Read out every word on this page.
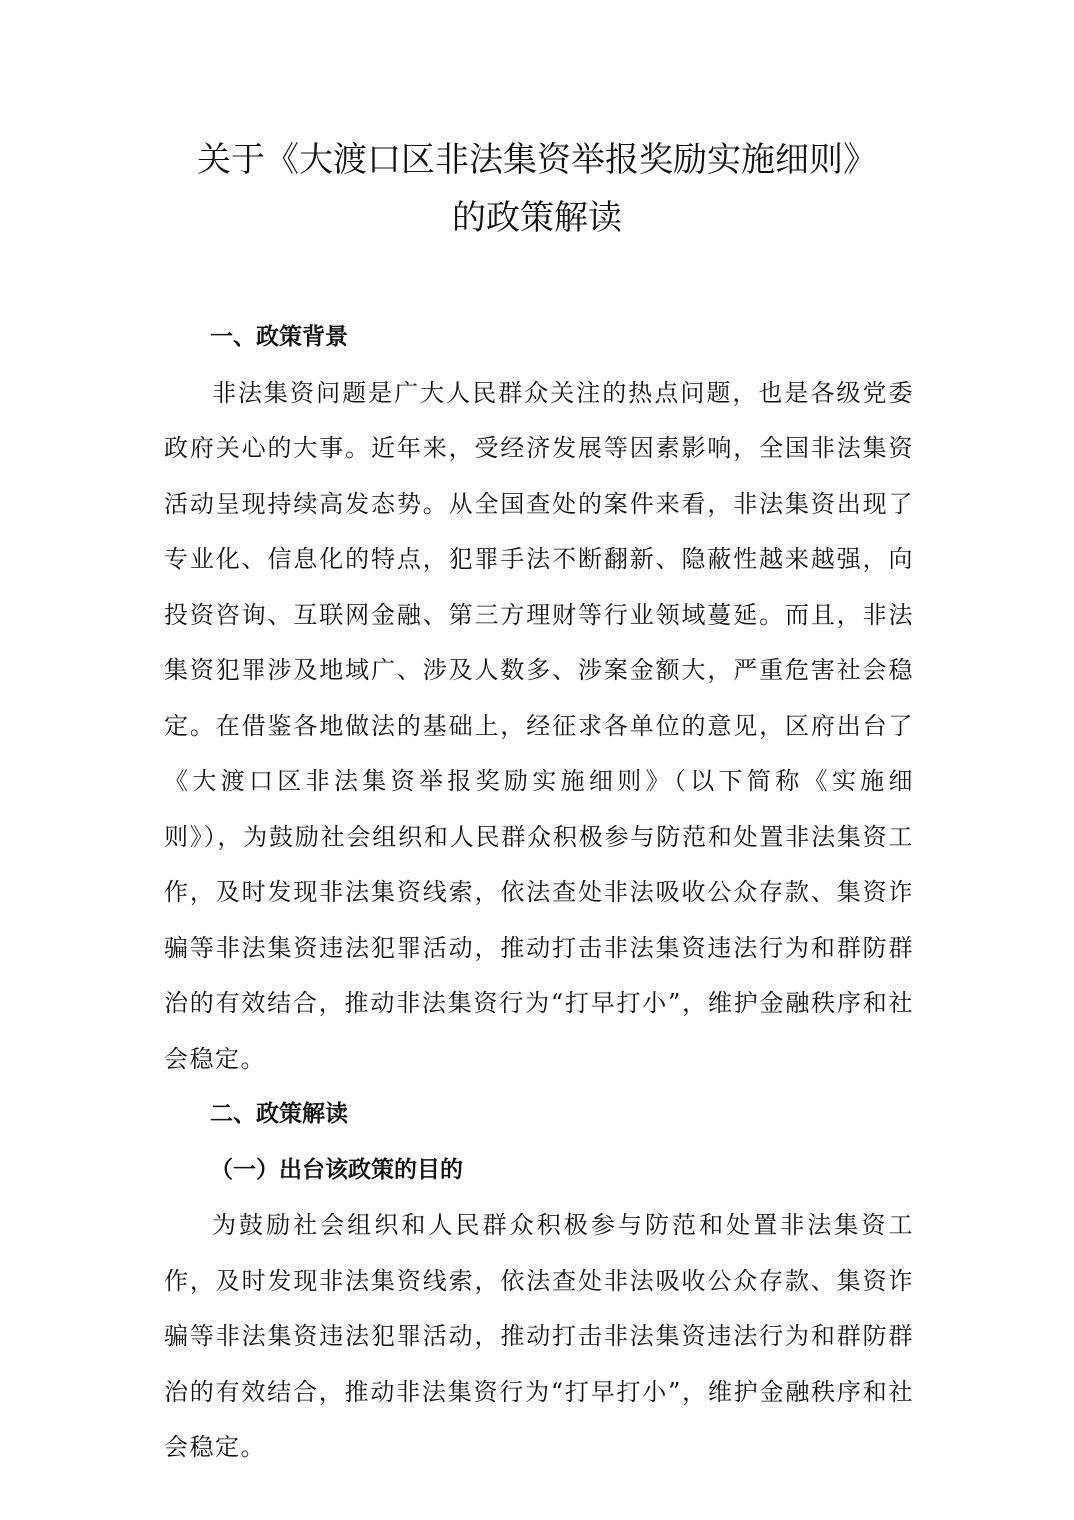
关于《大渡口区非法集资举报奖励实施细则》
的政策解读

一、政策背景

非法集资问题是广大人民群众关注的热点问题，也是各级党委政府关心的大事。近年来，受经济发展等因素影响，全国非法集资活动呈现持续高发态势。从全国查处的案件来看，非法集资出现了专业化、信息化的特点，犯罪手法不断翻新、隐蔽性越来越强，向投资咨询、互联网金融、第三方理财等行业领域蔓延。而且，非法集资犯罪涉及地域广、涉及人数多、涉案金额大，严重危害社会稳定。在借鉴各地做法的基础上，经征求各单位的意见，区府出台了《大渡口区非法集资举报奖励实施细则》（以下简称《实施细则》），为鼓励社会组织和人民群众积极参与防范和处置非法集资工作，及时发现非法集资线索，依法查处非法吸收公众存款、集资诈骗等非法集资违法犯罪活动，推动打击非法集资违法行为和群防群治的有效结合，推动非法集资行为“打早打小”，维护金融秩序和社会稳定。

二、政策解读

（一）出台该政策的目的

为鼓励社会组织和人民群众积极参与防范和处置非法集资工作，及时发现非法集资线索，依法查处非法吸收公众存款、集资诈骗等非法集资违法犯罪活动，推动打击非法集资违法行为和群防群治的有效结合，推动非法集资行为“打早打小”，维护金融秩序和社会稳定。
